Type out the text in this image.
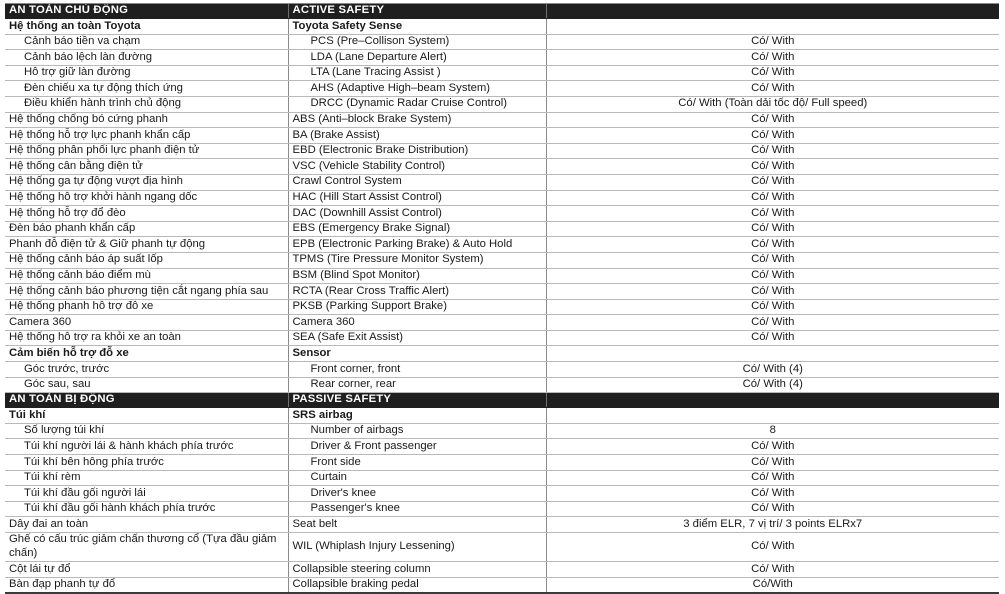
AN TOÀN CHỦ ĐỘNG	ACTIVE SAFETY	
Hệ thống an toàn Toyota	Toyota Safety Sense	
Cảnh báo tiền va chạm	PCS (Pre–Collison System)	Có/ With
Cảnh báo lệch làn đường	LDA (Lane Departure Alert)	Có/ With
Hỗ trợ giữ làn đường	LTA (Lane Tracing Assist )	Có/ With
Đèn chiếu xa tự động thích ứng	AHS (Adaptive High–beam System)	Có/ With
Điều khiển hành trình chủ động	DRCC (Dynamic Radar Cruise Control)	Có/ With (Toàn dải tốc độ/ Full speed)
Hệ thống chống bó cứng phanh	ABS (Anti–block Brake System)	Có/ With
Hệ thống hỗ trợ lực phanh khẩn cấp	BA (Brake Assist)	Có/ With
Hệ thống phân phối lực phanh điện tử	EBD (Electronic Brake Distribution)	Có/ With
Hệ thống cân bằng điện tử	VSC (Vehicle Stability Control)	Có/ With
Hệ thống ga tự động vượt địa hình	Crawl Control System	Có/ With
Hệ thống hỗ trợ khởi hành ngang dốc	HAC (Hill Start Assist Control)	Có/ With
Hệ thống hỗ trợ đổ đèo	DAC (Downhill Assist Control)	Có/ With
Đèn báo phanh khẩn cấp	EBS (Emergency Brake Signal)	Có/ With
Phanh đỗ điện tử & Giữ phanh tự động	EPB (Electronic Parking Brake) & Auto Hold	Có/ With
Hệ thống cảnh báo áp suất lốp	TPMS (Tire Pressure Monitor System)	Có/ With
Hệ thống cảnh báo điểm mù	BSM (Blind Spot Monitor)	Có/ With
Hệ thống cảnh báo phương tiện cắt ngang phía sau	RCTA (Rear Cross Traffic Alert)	Có/ With
Hệ thống phanh hỗ trợ đỗ xe	PKSB (Parking Support Brake)	Có/ With
Camera 360	Camera 360	Có/ With
Hệ thống hỗ trợ ra khỏi xe an toàn	SEA (Safe Exit Assist)	Có/ With
Cảm biến hỗ trợ đỗ xe	Sensor	
Góc trước, trước	Front corner, front	Có/ With (4)
Góc sau, sau	Rear corner, rear	Có/ With (4)
AN TOÀN BỊ ĐỘNG	PASSIVE SAFETY	
Túi khí	SRS airbag	
Số lượng túi khí	Number of airbags	8
Túi khí người lái & hành khách phía trước	Driver & Front passenger	Có/ With
Túi khí bên hông phía trước	Front side	Có/ With
Túi khí rèm	Curtain	Có/ With
Túi khí đầu gối người lái	Driver's knee	Có/ With
Túi khí đầu gối hành khách phía trước	Passenger's knee	Có/ With
Dây đai an toàn	Seat belt	3 điểm ELR, 7 vị trí/ 3 points ELRx7
Ghế có cấu trúc giảm chấn thương cổ (Tựa đầu giảm chấn)	WIL (Whiplash Injury Lessening)	Có/ With
Cột lái tự đổ	Collapsible steering column	Có/ With
Bàn đạp phanh tự đổ	Collapsible braking pedal	Có/With
